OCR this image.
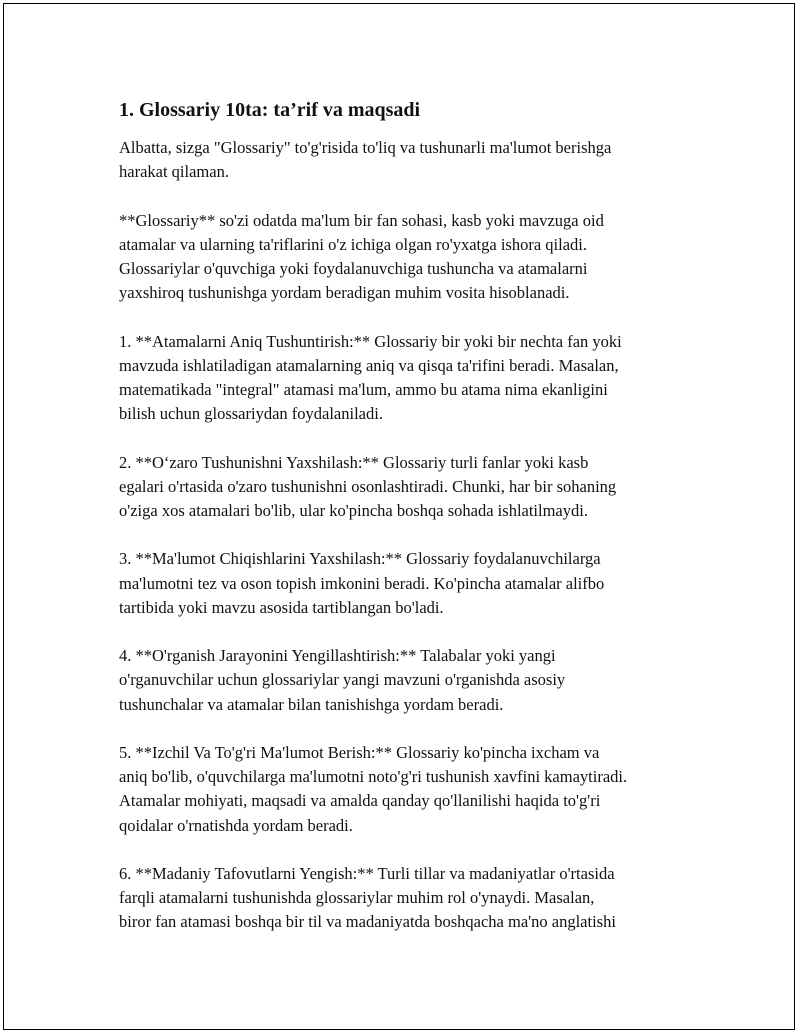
1. Glossariy 10ta: ta’rif va maqsadi
Albatta, sizga "Glossariy" to'g'risida to'liq va tushunarli ma'lumot berishga
harakat qilaman.
**Glossariy** so'zi odatda ma'lum bir fan sohasi, kasb yoki mavzuga oid
atamalar va ularning ta'riflarini o'z ichiga olgan ro'yxatga ishora qiladi.
Glossariylar o'quvchiga yoki foydalanuvchiga tushuncha va atamalarni
yaxshiroq tushunishga yordam beradigan muhim vosita hisoblanadi.
1. **Atamalarni Aniq Tushuntirish:** Glossariy bir yoki bir nechta fan yoki
mavzuda ishlatiladigan atamalarning aniq va qisqa ta'rifini beradi. Masalan,
matematikada "integral" atamasi ma'lum, ammo bu atama nima ekanligini
bilish uchun glossariydan foydalaniladi.
2. **O‘zaro Tushunishni Yaxshilash:** Glossariy turli fanlar yoki kasb
egalari o'rtasida o'zaro tushunishni osonlashtiradi. Chunki, har bir sohaning
o'ziga xos atamalari bo'lib, ular ko'pincha boshqa sohada ishlatilmaydi.
3. **Ma'lumot Chiqishlarini Yaxshilash:** Glossariy foydalanuvchilarga
ma'lumotni tez va oson topish imkonini beradi. Ko'pincha atamalar alifbo
tartibida yoki mavzu asosida tartiblangan bo'ladi.
4. **O'rganish Jarayonini Yengillashtirish:** Talabalar yoki yangi
o'rganuvchilar uchun glossariylar yangi mavzuni o'rganishda asosiy
tushunchalar va atamalar bilan tanishishga yordam beradi.
5. **Izchil Va To'g'ri Ma'lumot Berish:** Glossariy ko'pincha ixcham va
aniq bo'lib, o'quvchilarga ma'lumotni noto'g'ri tushunish xavfini kamaytiradi.
Atamalar mohiyati, maqsadi va amalda qanday qo'llanilishi haqida to'g'ri
qoidalar o'rnatishda yordam beradi.
6. **Madaniy Tafovutlarni Yengish:** Turli tillar va madaniyatlar o'rtasida
farqli atamalarni tushunishda glossariylar muhim rol o'ynaydi. Masalan,
biror fan atamasi boshqa bir til va madaniyatda boshqacha ma'no anglatishi
